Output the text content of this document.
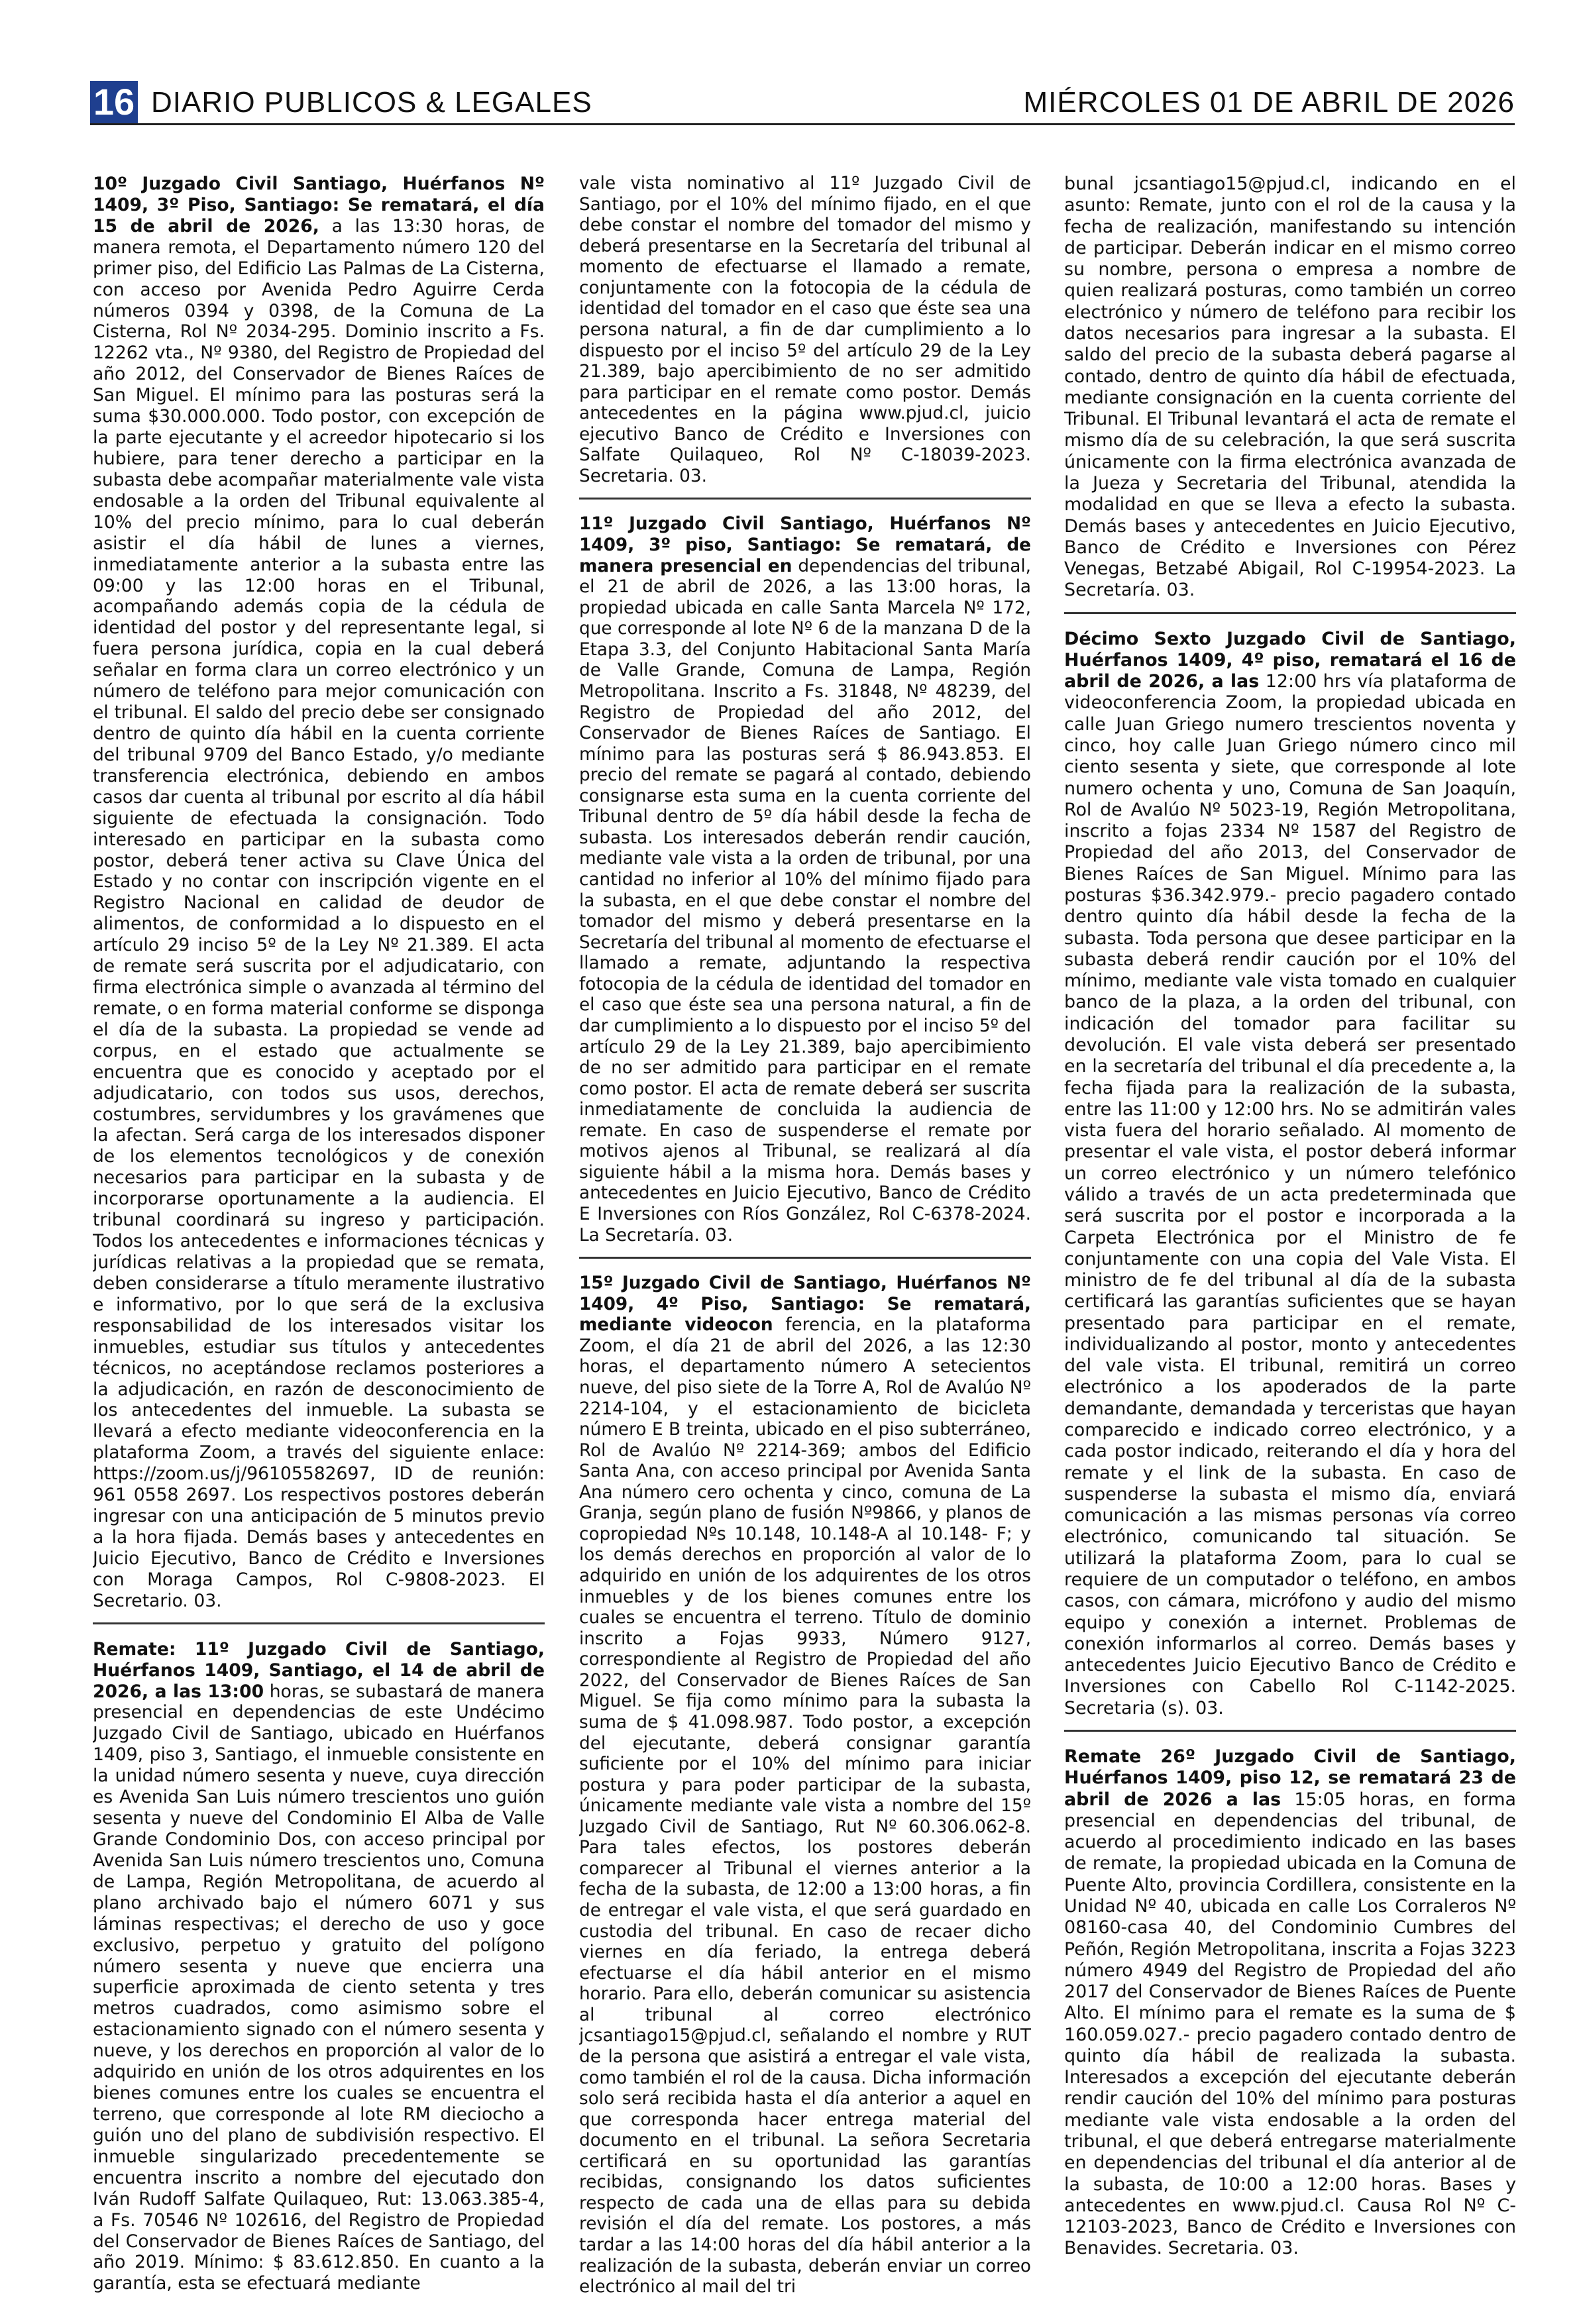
16 DIARIO PUBLICOS & LEGALES	MIÉRCOLES 01 DE ABRIL DE 2026
10º Juzgado Civil Santiago, Huérfanos Nº 1409, 3º Piso, Santiago: Se rematará, el día 15 de abril de 2026, a las 13:30 horas, de manera remota, el Departamento número 120 del primer piso, del Edificio Las Palmas de La Cisterna, con acceso por Avenida Pedro Aguirre Cerda números 0394 y 0398, de la Comuna de La Cisterna, Rol Nº 2034-295. Dominio inscrito a Fs. 12262 vta., Nº 9380, del Registro de Propiedad del año 2012, del Conservador de Bienes Raíces de San Miguel. El mínimo para las posturas será la suma $30.000.000. Todo postor, con excepción de la parte ejecutante y el acreedor hipotecario si los hubiere, para tener derecho a participar en la subasta debe acompañar materialmente vale vista endosable a la orden del Tribunal equivalente al 10% del precio mínimo, para lo cual deberán asistir el día hábil de lunes a viernes, inmediatamente anterior a la subasta entre las 09:00 y las 12:00 horas en el Tribunal, acompañando además copia de la cédula de identidad del postor y del representante legal, si fuera persona jurídica, copia en la cual deberá señalar en forma clara un correo electrónico y un número de teléfono para mejor comunicación con el tribunal. El saldo del precio debe ser consignado dentro de quinto día hábil en la cuenta corriente del tribunal 9709 del Banco Estado, y/o mediante transferencia electrónica, debiendo en ambos casos dar cuenta al tribunal por escrito al día hábil siguiente de efectuada la consignación. Todo interesado en participar en la subasta como postor, deberá tener activa su Clave Única del Estado y no contar con inscripción vigente en el Registro Nacional en calidad de deudor de alimentos, de conformidad a lo dispuesto en el artículo 29 inciso 5º de la Ley Nº 21.389. El acta de remate será suscrita por el adjudicatario, con firma electrónica simple o avanzada al término del remate, o en forma material conforme se disponga el día de la subasta. La propiedad se vende ad corpus, en el estado que actualmente se encuentra que es conocido y aceptado por el adjudicatario, con todos sus usos, derechos, costumbres, servidumbres y los gravámenes que la afectan. Será carga de los interesados disponer de los elementos tecnológicos y de conexión necesarios para participar en la subasta y de incorporarse oportunamente a la audiencia. El tribunal coordinará su ingreso y participación. Todos los antecedentes e informaciones técnicas y jurídicas relativas a la propiedad que se remata, deben considerarse a título meramente ilustrativo e informativo, por lo que será de la exclusiva responsabilidad de los interesados visitar los inmuebles, estudiar sus títulos y antecedentes técnicos, no aceptándose reclamos posteriores a la adjudicación, en razón de desconocimiento de los antecedentes del inmueble. La subasta se llevará a efecto mediante videoconferencia en la plataforma Zoom, a través del siguiente enlace: https://zoom.us/j/96105582697, ID de reunión: 961 0558 2697. Los respectivos postores deberán ingresar con una anticipación de 5 minutos previo a la hora fijada. Demás bases y antecedentes en Juicio Ejecutivo, Banco de Crédito e Inversiones con Moraga Campos, Rol C-9808-2023. El Secretario. 03.
Remate: 11º Juzgado Civil de Santiago, Huérfanos 1409, Santiago, el 14 de abril de 2026, a las 13:00 horas, se subastará de manera presencial en dependencias de este Undécimo Juzgado Civil de Santiago, ubicado en Huérfanos 1409, piso 3, Santiago, el inmueble consistente en la unidad número sesenta y nueve, cuya dirección es Avenida San Luis número trescientos uno guión sesenta y nueve del Condominio El Alba de Valle Grande Condominio Dos, con acceso principal por Avenida San Luis número trescientos uno, Comuna de Lampa, Región Metropolitana, de acuerdo al plano archivado bajo el número 6071 y sus láminas respectivas; el derecho de uso y goce exclusivo, perpetuo y gratuito del polígono número sesenta y nueve que encierra una superficie aproximada de ciento setenta y tres metros cuadrados, como asimismo sobre el estacionamiento signado con el número sesenta y nueve, y los derechos en proporción al valor de lo adquirido en unión de los otros adquirentes en los bienes comunes entre los cuales se encuentra el terreno, que corresponde al lote RM dieciocho a guión uno del plano de subdivisión respectivo. El inmueble singularizado precedentemente se encuentra inscrito a nombre del ejecutado don Iván Rudoff Salfate Quilaqueo, Rut: 13.063.385-4, a Fs. 70546 Nº 102616, del Registro de Propiedad del Conservador de Bienes Raíces de Santiago, del año 2019. Mínimo: $ 83.612.850. En cuanto a la garantía, esta se efectuará mediante
vale vista nominativo al 11º Juzgado Civil de Santiago, por el 10% del mínimo fijado, en el que debe constar el nombre del tomador del mismo y deberá presentarse en la Secretaría del tribunal al momento de efectuarse el llamado a remate, conjuntamente con la fotocopia de la cédula de identidad del tomador en el caso que éste sea una persona natural, a fin de dar cumplimiento a lo dispuesto por el inciso 5º del artículo 29 de la Ley 21.389, bajo apercibimiento de no ser admitido para participar en el remate como postor. Demás antecedentes en la página www.pjud.cl, juicio ejecutivo Banco de Crédito e Inversiones con Salfate Quilaqueo, Rol Nº C-18039-2023. Secretaria. 03.
11º Juzgado Civil Santiago, Huérfanos Nº 1409, 3º piso, Santiago: Se rematará, de manera presencial en dependencias del tribunal, el 21 de abril de 2026, a las 13:00 horas, la propiedad ubicada en calle Santa Marcela Nº 172, que corresponde al lote Nº 6 de la manzana D de la Etapa 3.3, del Conjunto Habitacional Santa María de Valle Grande, Comuna de Lampa, Región Metropolitana. Inscrito a Fs. 31848, Nº 48239, del Registro de Propiedad del año 2012, del Conservador de Bienes Raíces de Santiago. El mínimo para las posturas será $ 86.943.853. El precio del remate se pagará al contado, debiendo consignarse esta suma en la cuenta corriente del Tribunal dentro de 5º día hábil desde la fecha de subasta. Los interesados deberán rendir caución, mediante vale vista a la orden de tribunal, por una cantidad no inferior al 10% del mínimo fijado para la subasta, en el que debe constar el nombre del tomador del mismo y deberá presentarse en la Secretaría del tribunal al momento de efectuarse el llamado a remate, adjuntando la respectiva fotocopia de la cédula de identidad del tomador en el caso que éste sea una persona natural, a fin de dar cumplimiento a lo dispuesto por el inciso 5º del artículo 29 de la Ley 21.389, bajo apercibimiento de no ser admitido para participar en el remate como postor. El acta de remate deberá ser suscrita inmediatamente de concluida la audiencia de remate. En caso de suspenderse el remate por motivos ajenos al Tribunal, se realizará al día siguiente hábil a la misma hora. Demás bases y antecedentes en Juicio Ejecutivo, Banco de Crédito E Inversiones con Ríos González, Rol C-6378-2024. La Secretaría. 03.
15º Juzgado Civil de Santiago, Huérfanos Nº 1409, 4º Piso, Santiago: Se rematará, mediante videocon ferencia, en la plataforma Zoom, el día 21 de abril del 2026, a las 12:30 horas, el departamento número A setecientos nueve, del piso siete de la Torre A, Rol de Avalúo Nº 2214-104, y el estacionamiento de bicicleta número E B treinta, ubicado en el piso subterráneo, Rol de Avalúo Nº 2214-369; ambos del Edificio Santa Ana, con acceso principal por Avenida Santa Ana número cero ochenta y cinco, comuna de La Granja, según plano de fusión Nº9866, y planos de copropiedad Nºs 10.148, 10.148-A al 10.148- F; y los demás derechos en proporción al valor de lo adquirido en unión de los adquirentes de los otros inmuebles y de los bienes comunes entre los cuales se encuentra el terreno. Título de dominio inscrito a Fojas 9933, Número 9127, correspondiente al Registro de Propiedad del año 2022, del Conservador de Bienes Raíces de San Miguel. Se fija como mínimo para la subasta la suma de $ 41.098.987. Todo postor, a excepción del ejecutante, deberá consignar garantía suficiente por el 10% del mínimo para iniciar postura y para poder participar de la subasta, únicamente mediante vale vista a nombre del 15º Juzgado Civil de Santiago, Rut Nº 60.306.062-8. Para tales efectos, los postores deberán comparecer al Tribunal el viernes anterior a la fecha de la subasta, de 12:00 a 13:00 horas, a fin de entregar el vale vista, el que será guardado en custodia del tribunal. En caso de recaer dicho viernes en día feriado, la entrega deberá efectuarse el día hábil anterior en el mismo horario. Para ello, deberán comunicar su asistencia al tribunal al correo electrónico jcsantiago15@pjud.cl, señalando el nombre y RUT de la persona que asistirá a entregar el vale vista, como también el rol de la causa. Dicha información solo será recibida hasta el día anterior a aquel en que corresponda hacer entrega material del documento en el tribunal. La señora Secretaria certificará en su oportunidad las garantías recibidas, consignando los datos suficientes respecto de cada una de ellas para su debida revisión el día del remate. Los postores, a más tardar a las 14:00 horas del día hábil anterior a la realización de la subasta, deberán enviar un correo electrónico al mail del tri
bunal jcsantiago15@pjud.cl, indicando en el asunto: Remate, junto con el rol de la causa y la fecha de realización, manifestando su intención de participar. Deberán indicar en el mismo correo su nombre, persona o empresa a nombre de quien realizará posturas, como también un correo electrónico y número de teléfono para recibir los datos necesarios para ingresar a la subasta. El saldo del precio de la subasta deberá pagarse al contado, dentro de quinto día hábil de efectuada, mediante consignación en la cuenta corriente del Tribunal. El Tribunal levantará el acta de remate el mismo día de su celebración, la que será suscrita únicamente con la firma electrónica avanzada de la Jueza y Secretaria del Tribunal, atendida la modalidad en que se lleva a efecto la subasta. Demás bases y antecedentes en Juicio Ejecutivo, Banco de Crédito e Inversiones con Pérez Venegas, Betzabé Abigail, Rol C-19954-2023. La Secretaría. 03.
Décimo Sexto Juzgado Civil de Santiago, Huérfanos 1409, 4º piso, rematará el 16 de abril de 2026, a las 12:00 hrs vía plataforma de videoconferencia Zoom, la propiedad ubicada en calle Juan Griego numero trescientos noventa y cinco, hoy calle Juan Griego número cinco mil ciento sesenta y siete, que corresponde al lote numero ochenta y uno, Comuna de San Joaquín, Rol de Avalúo Nº 5023-19, Región Metropolitana, inscrito a fojas 2334 Nº 1587 del Registro de Propiedad del año 2013, del Conservador de Bienes Raíces de San Miguel. Mínimo para las posturas $36.342.979.- precio pagadero contado dentro quinto día hábil desde la fecha de la subasta. Toda persona que desee participar en la subasta deberá rendir caución por el 10% del mínimo, mediante vale vista tomado en cualquier banco de la plaza, a la orden del tribunal, con indicación del tomador para facilitar su devolución. El vale vista deberá ser presentado en la secretaría del tribunal el día precedente a, la fecha fijada para la realización de la subasta, entre las 11:00 y 12:00 hrs. No se admitirán vales vista fuera del horario señalado. Al momento de presentar el vale vista, el postor deberá informar un correo electrónico y un número telefónico válido a través de un acta predeterminada que será suscrita por el postor e incorporada a la Carpeta Electrónica por el Ministro de fe conjuntamente con una copia del Vale Vista. El ministro de fe del tribunal al día de la subasta certificará las garantías suficientes que se hayan presentado para participar en el remate, individualizando al postor, monto y antecedentes del vale vista. El tribunal, remitirá un correo electrónico a los apoderados de la parte demandante, demandada y terceristas que hayan comparecido e indicado correo electrónico, y a cada postor indicado, reiterando el día y hora del remate y el link de la subasta. En caso de suspenderse la subasta el mismo día, enviará comunicación a las mismas personas vía correo electrónico, comunicando tal situación. Se utilizará la plataforma Zoom, para lo cual se requiere de un computador o teléfono, en ambos casos, con cámara, micrófono y audio del mismo equipo y conexión a internet. Problemas de conexión informarlos al correo. Demás bases y antecedentes Juicio Ejecutivo Banco de Crédito e Inversiones con Cabello Rol C-1142-2025. Secretaria (s). 03.
Remate 26º Juzgado Civil de Santiago, Huérfanos 1409, piso 12, se rematará 23 de abril de 2026 a las 15:05 horas, en forma presencial en dependencias del tribunal, de acuerdo al procedimiento indicado en las bases de remate, la propiedad ubicada en la Comuna de Puente Alto, provincia Cordillera, consistente en la Unidad Nº 40, ubicada en calle Los Corraleros Nº 08160-casa 40, del Condominio Cumbres del Peñón, Región Metropolitana, inscrita a Fojas 3223 número 4949 del Registro de Propiedad del año 2017 del Conservador de Bienes Raíces de Puente Alto. El mínimo para el remate es la suma de $ 160.059.027.- precio pagadero contado dentro de quinto día hábil de realizada la subasta. Interesados a excepción del ejecutante deberán rendir caución del 10% del mínimo para posturas mediante vale vista endosable a la orden del tribunal, el que deberá entregarse materialmente en dependencias del tribunal el día anterior al de la subasta, de 10:00 a 12:00 horas. Bases y antecedentes en www.pjud.cl. Causa Rol Nº C-12103-2023, Banco de Crédito e Inversiones con Benavides. Secretaria. 03.
